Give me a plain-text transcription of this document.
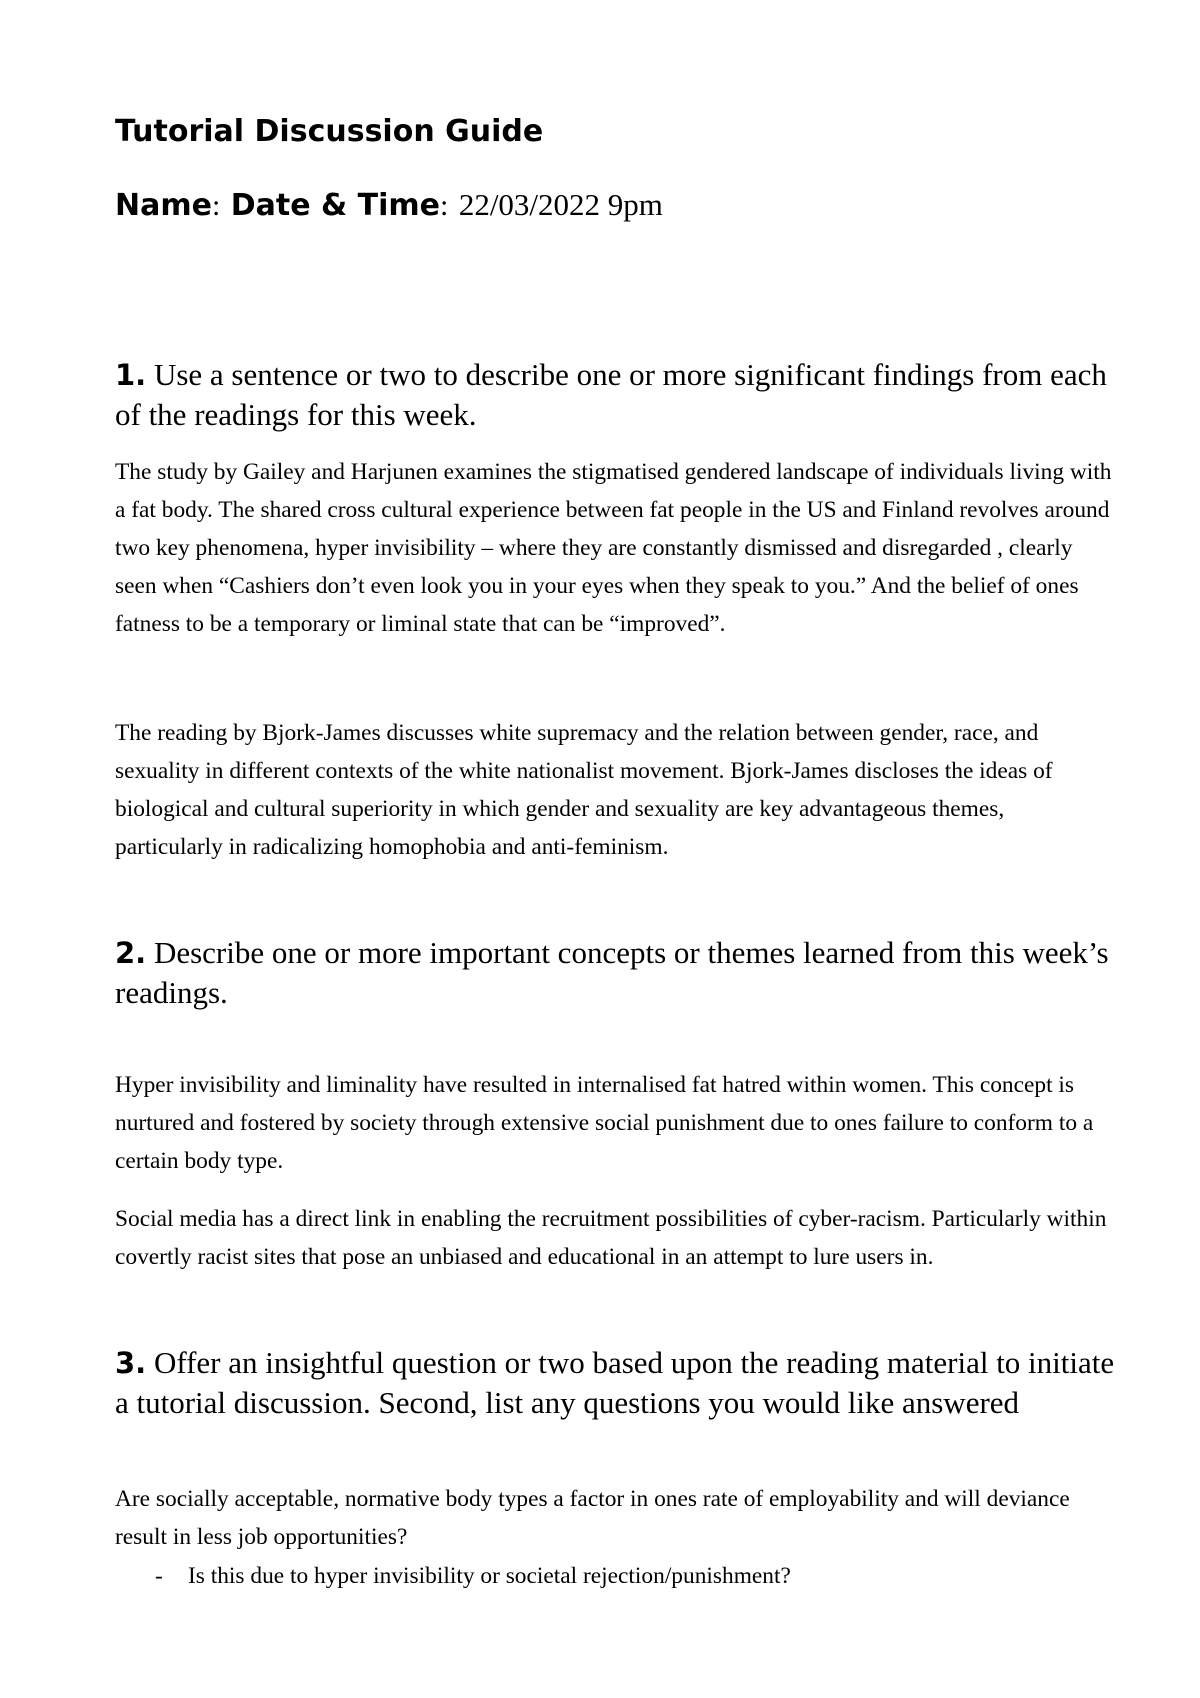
Tutorial Discussion Guide
Name: Date & Time: 22/03/2022 9pm
1. Use a sentence or two to describe one or more significant findings from each of the readings for this week.
The study by Gailey and Harjunen examines the stigmatised gendered landscape of individuals living with a fat body. The shared cross cultural experience between fat people in the US and Finland revolves around two key phenomena, hyper invisibility – where they are constantly dismissed and disregarded , clearly seen when “Cashiers don’t even look you in your eyes when they speak to you.” And the belief of ones fatness to be a temporary or liminal state that can be “improved”.
The reading by Bjork-James discusses white supremacy and the relation between gender, race, and sexuality in different contexts of the white nationalist movement. Bjork-James discloses the ideas of biological and cultural superiority in which gender and sexuality are key advantageous themes, particularly in radicalizing homophobia and anti-feminism.
2. Describe one or more important concepts or themes learned from this week’s readings.
Hyper invisibility and liminality have resulted in internalised fat hatred within women. This concept is nurtured and fostered by society through extensive social punishment due to ones failure to conform to a certain body type.
Social media has a direct link in enabling the recruitment possibilities of cyber-racism. Particularly within covertly racist sites that pose an unbiased and educational in an attempt to lure users in.
3. Offer an insightful question or two based upon the reading material to initiate a tutorial discussion. Second, list any questions you would like answered
Are socially acceptable, normative body types a factor in ones rate of employability and will deviance result in less job opportunities?
- Is this due to hyper invisibility or societal rejection/punishment?
